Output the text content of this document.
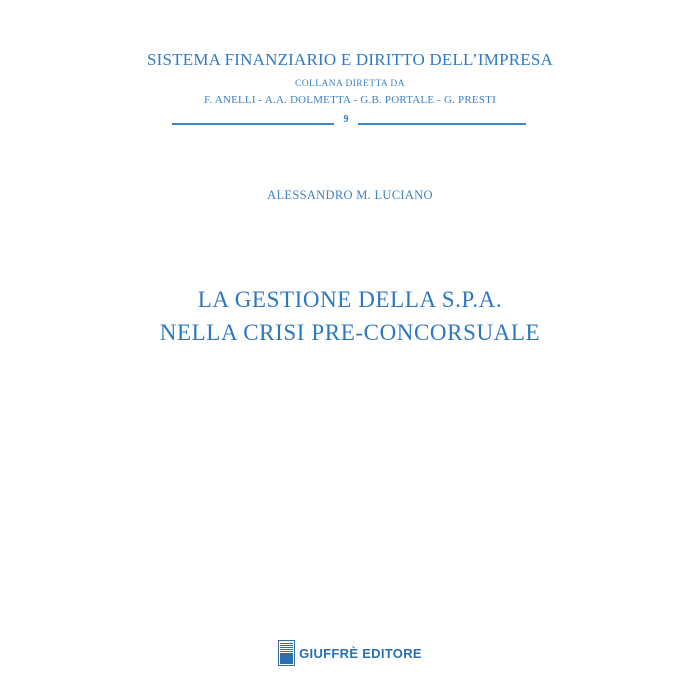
SISTEMA FINANZIARIO E DIRITTO DELL’IMPRESA
COLLANA DIRETTA DA
F. ANELLI - A.A. DOLMETTA - G.B. PORTALE - G. PRESTI
9
ALESSANDRO M. LUCIANO
LA GESTIONE DELLA S.P.A.
NELLA CRISI PRE-CONCORSUALE
GIUFFRÈ EDITORE
